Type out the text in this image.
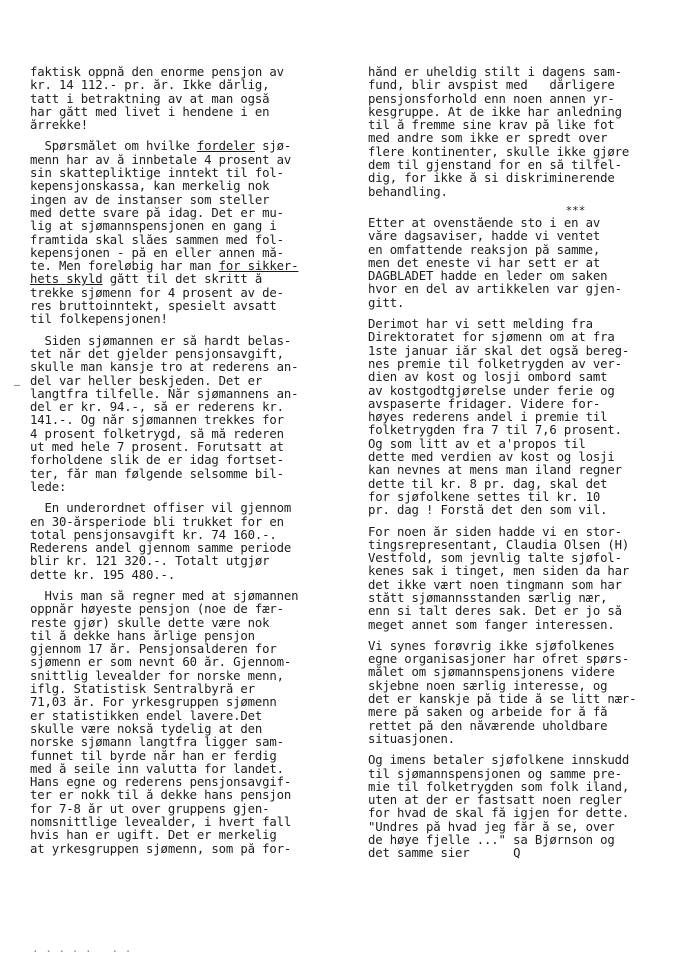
faktisk oppnå den enorme pensjon av
kr. 14 112.- pr. år. Ikke dårlig,
tatt i betraktning av at man også
har gått med livet i hendene i en
årrekke!
Spørsmålet om hvilke fordeler sjø-
menn har av å innbetale 4 prosent av
sin skattepliktige inntekt til fol-
kepensjonskassa, kan merkelig nok
ingen av de instanser som steller
med dette svare på idag. Det er mu-
lig at sjømannspensjonen en gang i
framtida skal slåes sammen med fol-
kepensjonen - på en eller annen må-
te. Men foreløbig har man for sikker-
hets skyld gått til det skritt å
trekke sjømenn for 4 prosent av de-
res bruttoinntekt, spesielt avsatt
til folkepensjonen!
Siden sjømannen er så hardt belas-
tet når det gjelder pensjonsavgift,
skulle man kansje tro at rederens an-
del var heller beskjeden. Det er
langtfra tilfelle. Når sjømannens an-
del er kr. 94.-, så er rederens kr.
141.-. Og når sjømannen trekkes for
4 prosent folketrygd, så må rederen
ut med hele 7 prosent. Forutsatt at
forholdene slik de er idag fortset-
ter, får man følgende selsomme bil-
lede:
En underordnet offiser vil gjennom
en 30-årsperiode bli trukket for en
total pensjonsavgift kr. 74 160.-.
Rederens andel gjennom samme periode
blir kr. 121 320.-. Totalt utgjør
dette kr. 195 480.-.
Hvis man så regner med at sjømannen
oppnår høyeste pensjon (noe de fær-
reste gjør) skulle dette være nok
til å dekke hans årlige pensjon
gjennom 17 år. Pensjonsalderen for
sjømenn er som nevnt 60 år. Gjennom-
snittlig levealder for norske menn,
iflg. Statistisk Sentralbyrå er
71,03 år. For yrkesgruppen sjømenn
er statistikken endel lavere.Det
skulle være nokså tydelig at den
norske sjømann langtfra ligger sam-
funnet til byrde når han er ferdig
med å seile inn valutta for landet.
Hans egne og rederens pensjonsavgif-
ter er nokk til å dekke hans pensjon
for 7-8 år ut over gruppens gjen-
nomsnittlige levealder, i hvert fall
hvis han er ugift. Det er merkelig
at yrkesgruppen sjømenn, som på for-
hånd er uheldig stilt i dagens sam-
fund, blir avspist med   dårligere
pensjonsforhold enn noen annen yr-
kesgruppe. At de ikke har anledning
til å fremme sine krav på like fot
med andre som ikke er spredt over
flere kontinenter, skulle ikke gjøre
dem til gjenstand for en så tilfel-
dig, for ikke å si diskriminerende
behandling.
***
Etter at ovenstående sto i en av
våre dagsaviser, hadde vi ventet
en omfattende reaksjon på samme,
men det eneste vi har sett er at
DAGBLADET hadde en leder om saken
hvor en del av artikkelen var gjen-
gitt.
Derimot har vi sett melding fra
Direktoratet for sjømenn om at fra
1ste januar iår skal det også bereg-
nes premie til folketrygden av ver-
dien av kost og losji ombord samt
av kostgodtgjørelse under ferie og
avspaserte fridager. Videre for-
høyes rederens andel i premie til
folketrygden fra 7 til 7,6 prosent.
Og som litt av et a'propos til
dette med verdien av kost og losji
kan nevnes at mens man iland regner
dette til kr. 8 pr. dag, skal det
for sjøfolkene settes til kr. 10
pr. dag ! Forstå det den som vil.
For noen år siden hadde vi en stor-
tingsrepresentant, Claudia Olsen (H)
Vestfold, som jevnlig talte sjøfol-
kenes sak i tinget, men siden da har
det ikke vært noen tingmann som har
stått sjømannsstanden særlig nær,
enn si talt deres sak. Det er jo så
meget annet som fanger interessen.
Vi synes forøvrig ikke sjøfolkenes
egne organisasjoner har ofret spørs-
målet om sjømannspensjonens videre
skjebne noen særlig interesse, og
det er kanskje på tide å se litt nær-
mere på saken og arbeide for å få
rettet på den nåværende uholdbare
situasjonen.
Og imens betaler sjøfolkene innskudd
til sjømannspensjonen og samme pre-
mie til folketrygden som folk iland,
uten at der er fastsatt noen regler
for hvad de skal få igjen for dette.
"Undres på hvad jeg får å se, over
de høye fjelle ..." sa Bjørnson og
det samme sier      Q
–
· · · · ·   · ·
